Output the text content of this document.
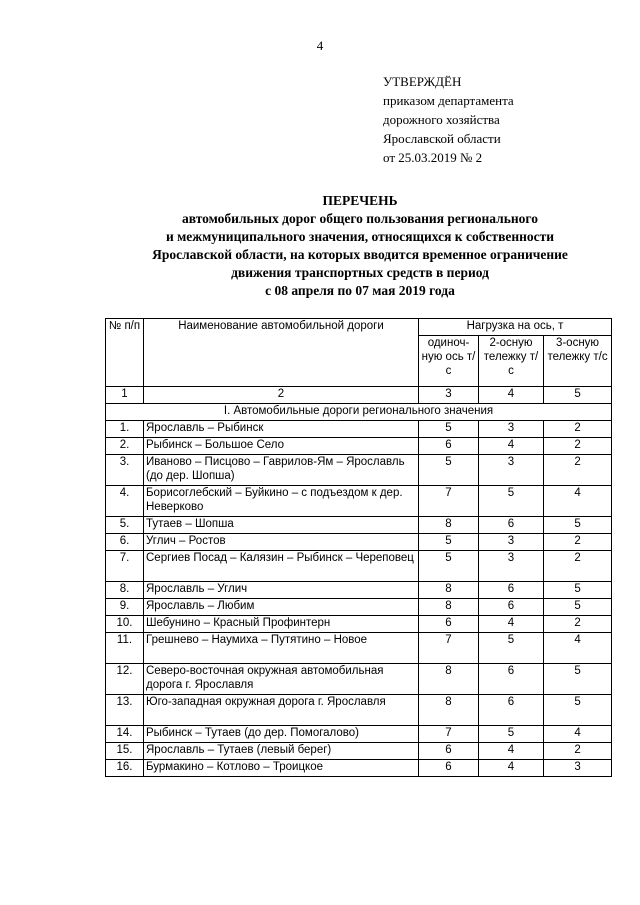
4
УТВЕРЖДЁН
приказом департамента
дорожного хозяйства
Ярославской области
от 25.03.2019 № 2
ПЕРЕЧЕНЬ
автомобильных дорог общего пользования регионального
и межмуниципального значения, относящихся к собственности
Ярославской области, на которых вводится временное ограничение
движения транспортных средств в период
с 08 апреля по 07 мая 2019 года
№ п/п	Наименование автомобильной дороги	Нагрузка на ось, т		
		одиноч-ную ось т/с	2-осную тележку т/с	3-осную тележку т/с
1	2	3	4	5
I. Автомобильные дороги регионального значения				
1.	Ярославль – Рыбинск	5	3	2
2.	Рыбинск – Большое Село	6	4	2
3.	Иваново – Писцово – Гаврилов-Ям – Ярославль (до дер. Шопша)	5	3	2
4.	Борисоглебский – Буйкино – с подъездом к дер. Неверково	7	5	4
5.	Тутаев – Шопша	8	6	5
6.	Углич – Ростов	5	3	2
7.	Сергиев Посад – Калязин – Рыбинск – Череповец	5	3	2
8.	Ярославль – Углич	8	6	5
9.	Ярославль – Любим	8	6	5
10.	Шебунино – Красный Профинтерн	6	4	2
11.	Грешнево – Наумиха – Путятино – Новое	7	5	4
12.	Северо-восточная окружная автомобильная дорога г. Ярославля	8	6	5
13.	Юго-западная окружная дорога г. Ярославля	8	6	5
14.	Рыбинск – Тутаев (до дер. Помогалово)	7	5	4
15.	Ярославль – Тутаев (левый берег)	6	4	2
16.	Бурмакино – Котлово – Троицкое	6	4	3
